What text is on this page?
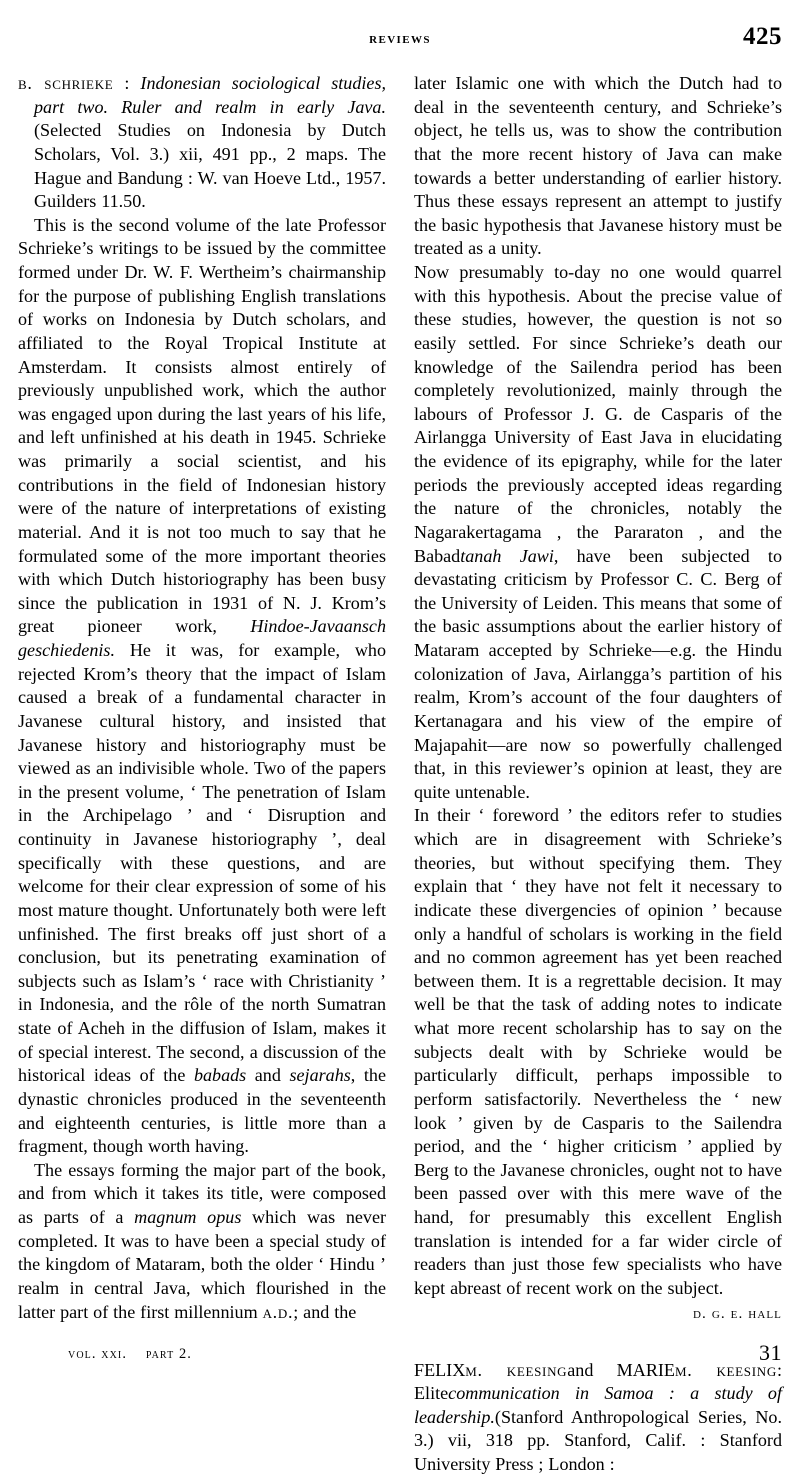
reviews	425

b. schrieke : Indonesian sociological studies, part two. Ruler and realm in early Java. (Selected Studies on Indonesia by Dutch Scholars, Vol. 3.) xii, 491 pp., 2 maps. The Hague and Bandung : W. van Hoeve Ltd., 1957. Guilders 11.50.

This is the second volume of the late Professor Schrieke’s writings to be issued by the committee formed under Dr. W. F. Wertheim’s chairmanship for the purpose of publishing English translations of works on Indonesia by Dutch scholars, and affiliated to the Royal Tropical Institute at Amsterdam. It consists almost entirely of previously unpublished work, which the author was engaged upon during the last years of his life, and left unfinished at his death in 1945. Schrieke was primarily a social scientist, and his contributions in the field of Indonesian history were of the nature of interpretations of existing material. And it is not too much to say that he formulated some of the more important theories with which Dutch historiography has been busy since the publication in 1931 of N. J. Krom’s great pioneer work, Hindoe-Javaansch geschiedenis. He it was, for example, who rejected Krom’s theory that the impact of Islam caused a break of a fundamental character in Javanese cultural history, and insisted that Javanese history and historiography must be viewed as an indivisible whole. Two of the papers in the present volume, ‘ The penetration of Islam in the Archipelago ’ and ‘ Disruption and continuity in Javanese historiography ’, deal specifically with these questions, and are welcome for their clear expression of some of his most mature thought. Unfortunately both were left unfinished. The first breaks off just short of a conclusion, but its penetrating examination of subjects such as Islam’s ‘ race with Christianity ’ in Indonesia, and the rôle of the north Sumatran state of Acheh in the diffusion of Islam, makes it of special interest. The second, a discussion of the historical ideas of the babads and sejarahs, the dynastic chronicles produced in the seventeenth and eighteenth centuries, is little more than a fragment, though worth having.

The essays forming the major part of the book, and from which it takes its title, were composed as parts of a magnum opus which was never completed. It was to have been a special study of the kingdom of Mataram, both the older ‘ Hindu ’ realm in central Java, which flourished in the latter part of the first millennium a.d.; and the

later Islamic one with which the Dutch had to deal in the seventeenth century, and Schrieke’s object, he tells us, was to show the contribution that the more recent history of Java can make towards a better understanding of earlier history. Thus these essays represent an attempt to justify the basic hypothesis that Javanese history must be treated as a unity.

Now presumably to-day no one would quarrel with this hypothesis. About the precise value of these studies, however, the question is not so easily settled. For since Schrieke’s death our knowledge of the Sailendra period has been completely revolutionized, mainly through the labours of Professor J. G. de Casparis of the Airlangga University of East Java in elucidating the evidence of its epigraphy, while for the later periods the previously accepted ideas regarding the nature of the chronicles, notably the Nagarakertagama , the Pararaton , and the Babadtanah Jawi, have been subjected to devastating criticism by Professor C. C. Berg of the University of Leiden. This means that some of the basic assumptions about the earlier history of Mataram accepted by Schrieke—e.g. the Hindu colonization of Java, Airlangga’s partition of his realm, Krom’s account of the four daughters of Kertanagara and his view of the empire of Majapahit—are now so powerfully challenged that, in this reviewer’s opinion at least, they are quite untenable.

In their ‘ foreword ’ the editors refer to studies which are in disagreement with Schrieke’s theories, but without specifying them. They explain that ‘ they have not felt it necessary to indicate these divergencies of opinion ’ because only a handful of scholars is working in the field and no common agreement has yet been reached between them. It is a regrettable decision. It may well be that the task of adding notes to indicate what more recent scholarship has to say on the subjects dealt with by Schrieke would be particularly difficult, perhaps impossible to perform satisfactorily. Nevertheless the ‘ new look ’ given by de Casparis to the Sailendra period, and the ‘ higher criticism ’ applied by Berg to the Javanese chronicles, ought not to have been passed over with this mere wave of the hand, for presumably this excellent English translation is intended for a far wider circle of readers than just those few specialists who have kept abreast of recent work on the subject.

d. g. e. hall

FELIXm. keesingand MARIEm. keesing: Elitecommunication in Samoa : a study of leadership.(Stanford Anthropological Series, No. 3.) vii, 318 pp. Stanford, Calif. : Stanford University Press ; London :

vol. xxi. part 2.	31
